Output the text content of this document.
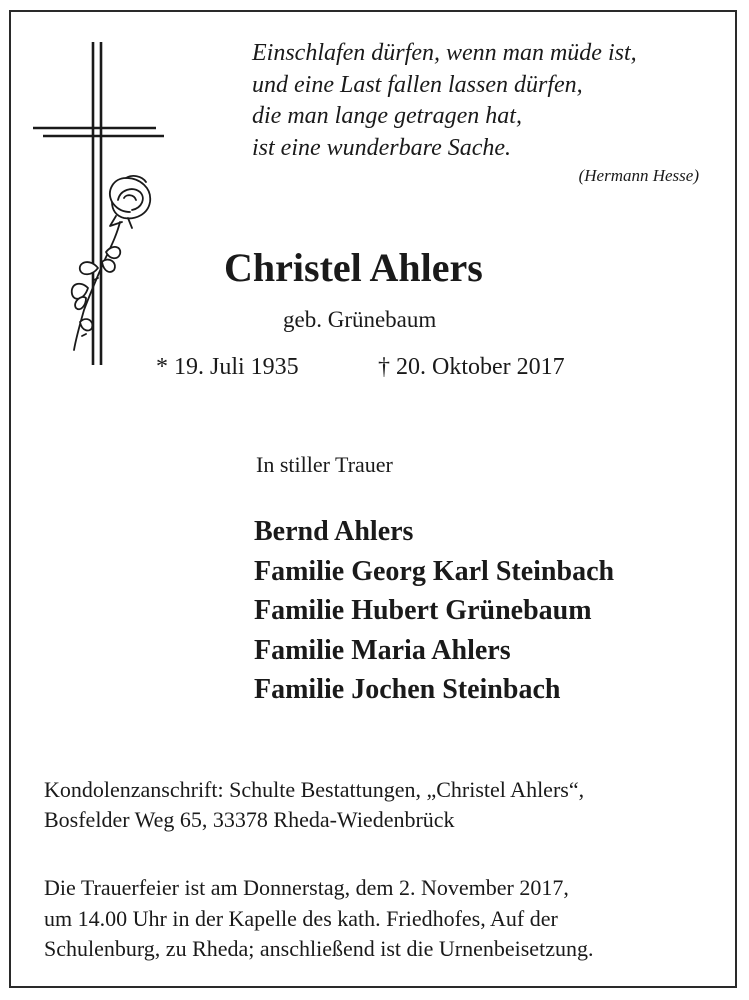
Einschlafen dürfen, wenn man müde ist,
und eine Last fallen lassen dürfen,
die man lange getragen hat,
ist eine wunderbare Sache.
(Hermann Hesse)
Christel Ahlers
geb. Grünebaum
* 19. Juli 1935	† 20. Oktober 2017
In stiller Trauer
Bernd Ahlers
Familie Georg Karl Steinbach
Familie Hubert Grünebaum
Familie Maria Ahlers
Familie Jochen Steinbach
Kondolenzanschrift: Schulte Bestattungen, „Christel Ahlers“,
Bosfelder Weg 65, 33378 Rheda-Wiedenbrück
Die Trauerfeier ist am Donnerstag, dem 2. November 2017,
um 14.00 Uhr in der Kapelle des kath. Friedhofes, Auf der
Schulenburg, zu Rheda; anschließend ist die Urnenbeisetzung.
